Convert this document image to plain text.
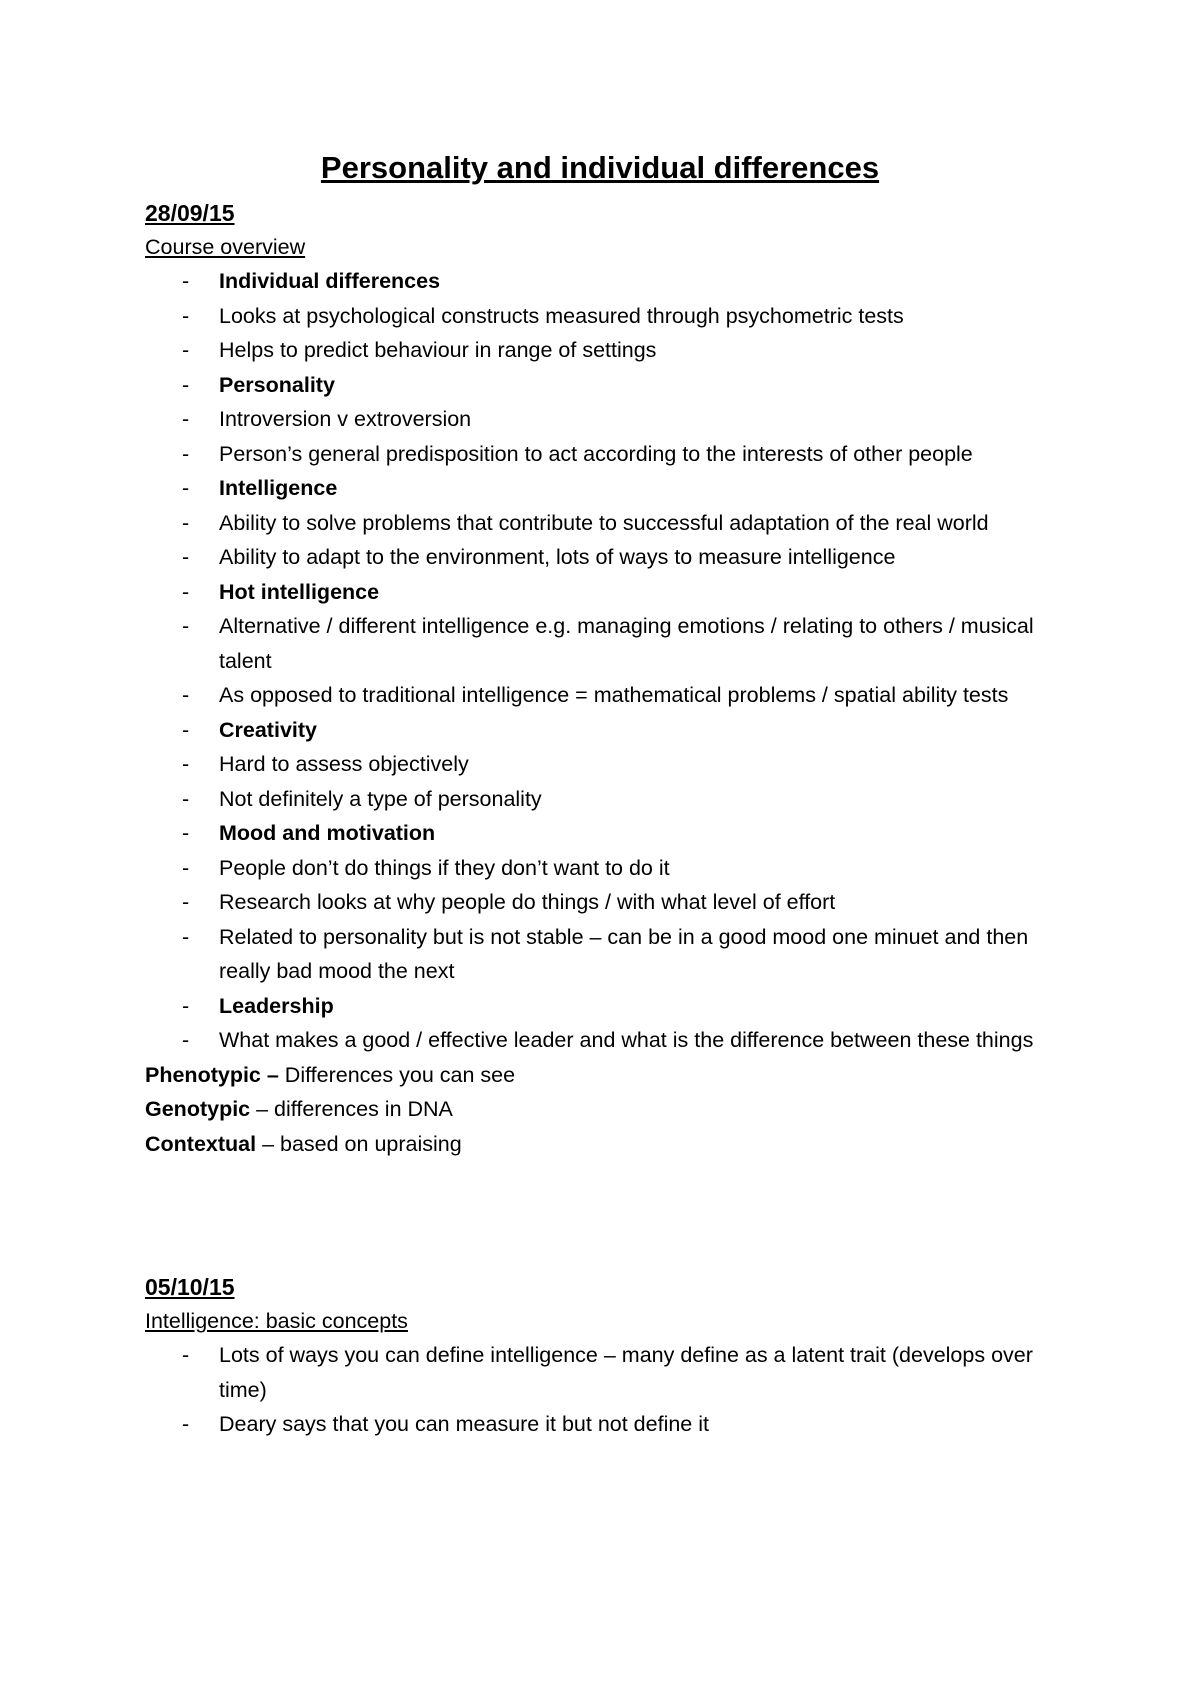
Personality and individual differences
28/09/15
Course overview
- Individual differences
- Looks at psychological constructs measured through psychometric tests
- Helps to predict behaviour in range of settings
- Personality
- Introversion v extroversion
- Person’s general predisposition to act according to the interests of other people
- Intelligence
- Ability to solve problems that contribute to successful adaptation of the real world
- Ability to adapt to the environment, lots of ways to measure intelligence
- Hot intelligence
- Alternative / different intelligence e.g. managing emotions / relating to others / musical talent
- As opposed to traditional intelligence = mathematical problems / spatial ability tests
- Creativity
- Hard to assess objectively
- Not definitely a type of personality
- Mood and motivation
- People don’t do things if they don’t want to do it
- Research looks at why people do things / with what level of effort
- Related to personality but is not stable – can be in a good mood one minuet and then really bad mood the next
- Leadership
- What makes a good / effective leader and what is the difference between these things
Phenotypic – Differences you can see
Genotypic – differences in DNA
Contextual – based on upraising
05/10/15
Intelligence: basic concepts
- Lots of ways you can define intelligence – many define as a latent trait (develops over time)
- Deary says that you can measure it but not define it
